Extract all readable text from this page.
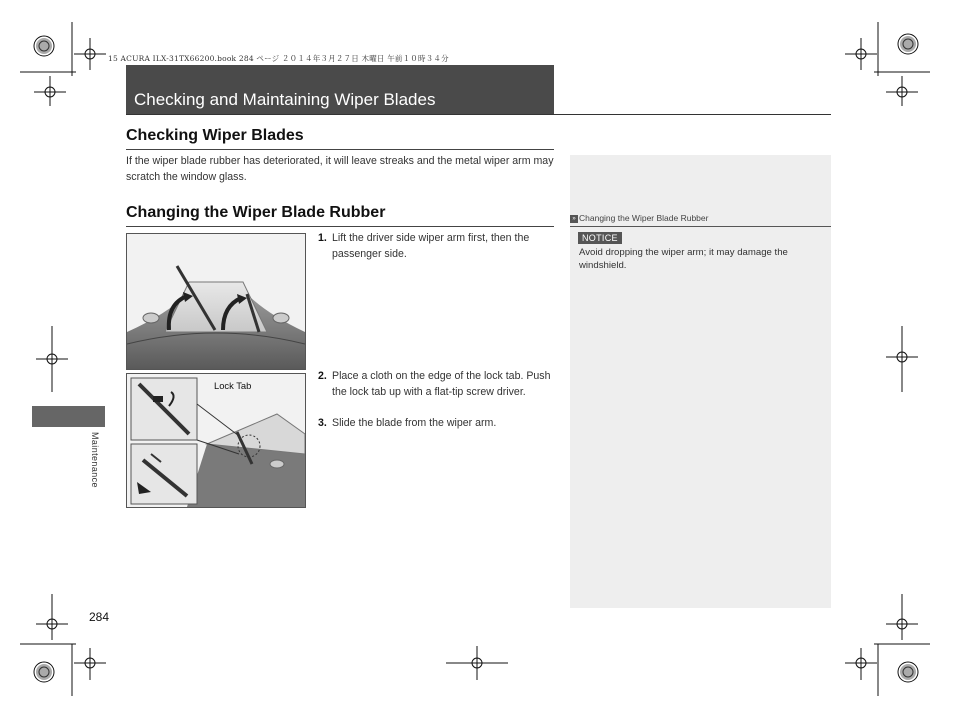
15 ACURA ILX-31TX66200.book 284 ページ ２０１４年３月２７日 木曜日 午前１０時３４分
Checking and Maintaining Wiper Blades
Checking Wiper Blades
If the wiper blade rubber has deteriorated, it will leave streaks and the metal wiper arm may scratch the window glass.
Changing the Wiper Blade Rubber
Lock Tab
1. Lift the driver side wiper arm first, then the passenger side.
2. Place a cloth on the edge of the lock tab. Push the lock tab up with a flat-tip screw driver.
3. Slide the blade from the wiper arm.
» Changing the Wiper Blade Rubber
NOTICE
Avoid dropping the wiper arm; it may damage the windshield.
Maintenance
284
